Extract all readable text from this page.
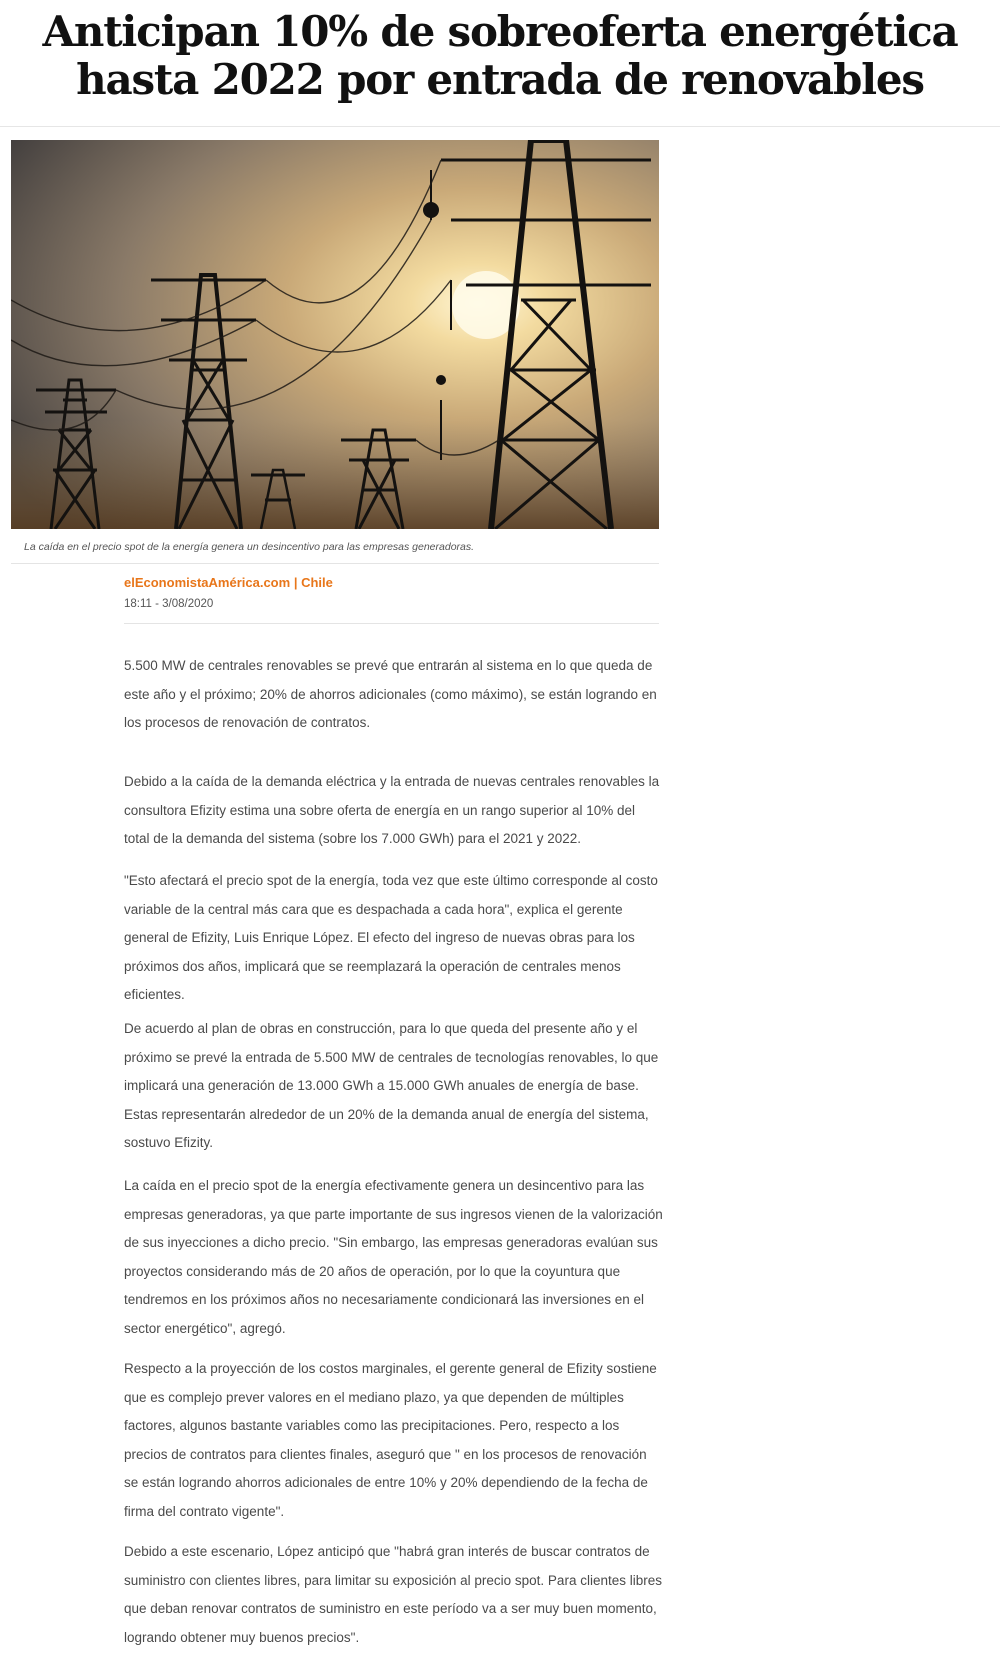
Anticipan 10% de sobreoferta energética hasta 2022 por entrada de renovables

La caída en el precio spot de la energía genera un desincentivo para las empresas generadoras.

elEconomistaAmérica.com | Chile
18:11 - 3/08/2020

5.500 MW de centrales renovables se prevé que entrarán al sistema en lo que queda de este año y el próximo; 20% de ahorros adicionales (como máximo), se están logrando en los procesos de renovación de contratos.

Debido a la caída de la demanda eléctrica y la entrada de nuevas centrales renovables la consultora Efizity estima una sobre oferta de energía en un rango superior al 10% del total de la demanda del sistema (sobre los 7.000 GWh) para el 2021 y 2022.

"Esto afectará el precio spot de la energía, toda vez que este último corresponde al costo variable de la central más cara que es despachada a cada hora", explica el gerente general de Efizity, Luis Enrique López. El efecto del ingreso de nuevas obras para los próximos dos años, implicará que se reemplazará la operación de centrales menos eficientes.

De acuerdo al plan de obras en construcción, para lo que queda del presente año y el próximo se prevé la entrada de 5.500 MW de centrales de tecnologías renovables, lo que implicará una generación de 13.000 GWh a 15.000 GWh anuales de energía de base. Estas representarán alrededor de un 20% de la demanda anual de energía del sistema, sostuvo Efizity.

La caída en el precio spot de la energía efectivamente genera un desincentivo para las empresas generadoras, ya que parte importante de sus ingresos vienen de la valorización de sus inyecciones a dicho precio. "Sin embargo, las empresas generadoras evalúan sus proyectos considerando más de 20 años de operación, por lo que la coyuntura que tendremos en los próximos años no necesariamente condicionará las inversiones en el sector energético", agregó.

Respecto a la proyección de los costos marginales, el gerente general de Efizity sostiene que es complejo prever valores en el mediano plazo, ya que dependen de múltiples factores, algunos bastante variables como las precipitaciones. Pero, respecto a los precios de contratos para clientes finales, aseguró que " en los procesos de renovación se están logrando ahorros adicionales de entre 10% y 20% dependiendo de la fecha de firma del contrato vigente".

Debido a este escenario, López anticipó que "habrá gran interés de buscar contratos de suministro con clientes libres, para limitar su exposición al precio spot. Para clientes libres que deban renovar contratos de suministro en este período va a ser muy buen momento, logrando obtener muy buenos precios".
